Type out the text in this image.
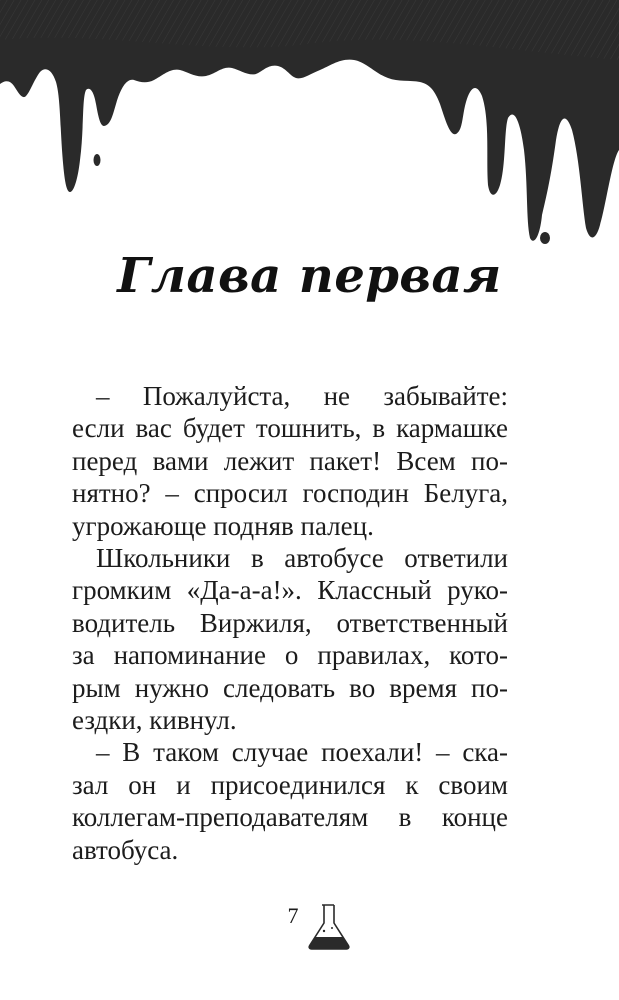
Глава первая

– Пожалуйста, не забывайте:
если вас будет тошнить, в кармашке
перед вами лежит пакет! Всем по-
нятно? – спросил господин Белуга,
угрожающе подняв палец.

Школьники в автобусе ответили
громким «Да-а-а!». Классный руко-
водитель Виржиля, ответственный
за напоминание о правилах, кото-
рым нужно следовать во время по-
ездки, кивнул.

– В таком случае поехали! – ска-
зал он и присоединился к своим
коллегам-преподавателям в конце
автобуса.

7
